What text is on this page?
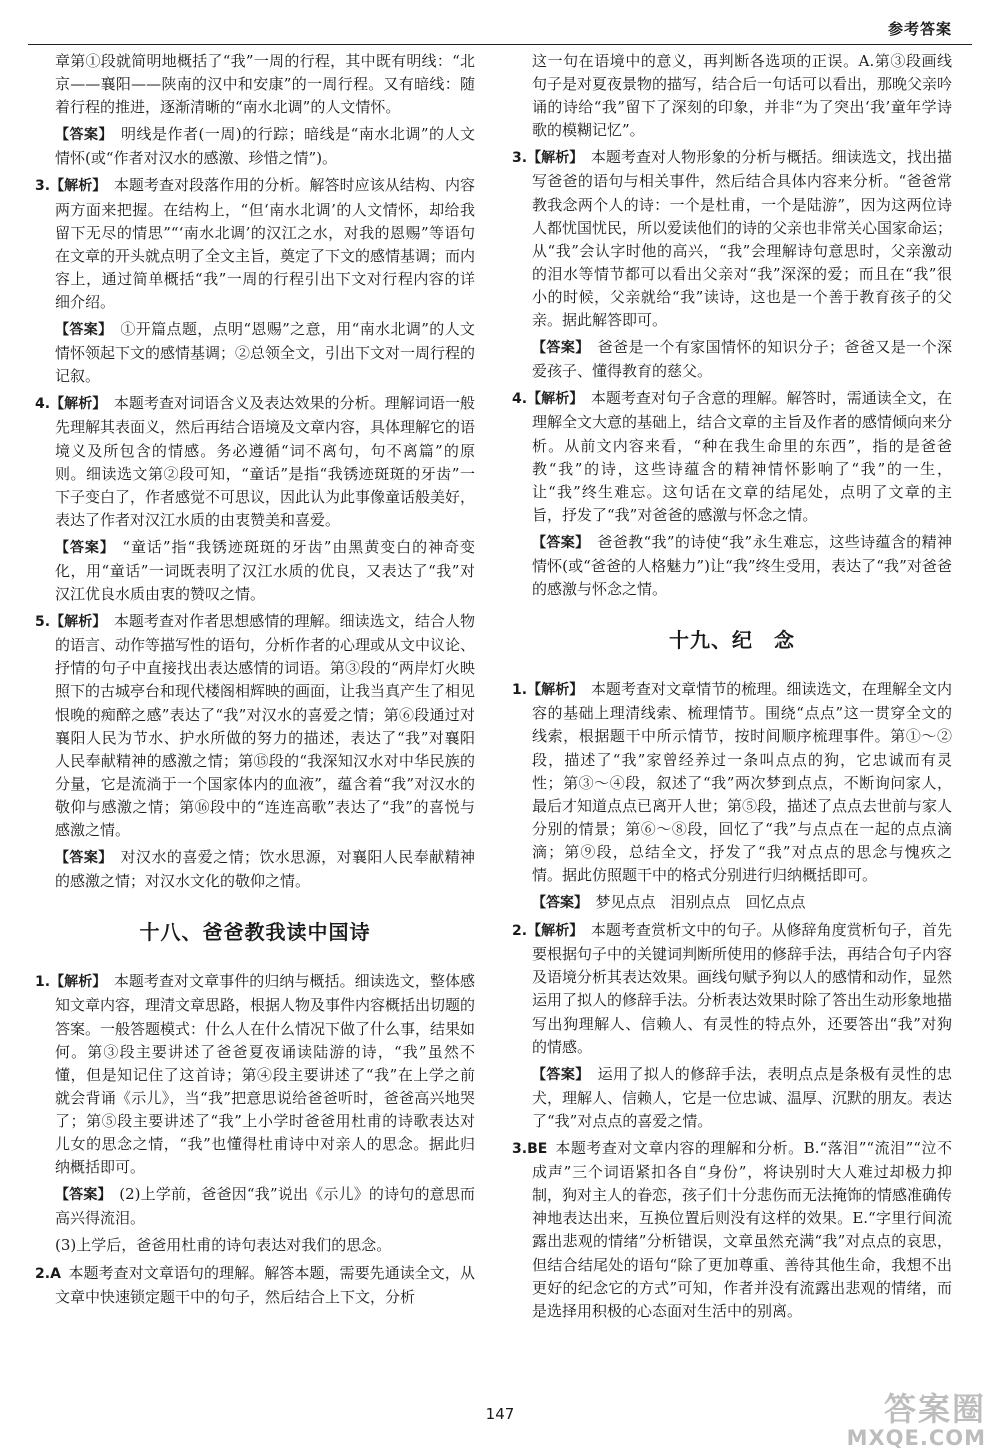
参考答案

章第①段就简明地概括了“我”一周的行程，其中既有明线：“北京——襄阳——陕南的汉中和安康”的一周行程。又有暗线：随着行程的推进，逐渐清晰的“南水北调”的人文情怀。

【答案】  明线是作者(一周)的行踪；暗线是“南水北调”的人文情怀(或“作者对汉水的感激、珍惜之情”)。

3.【解析】  本题考查对段落作用的分析。解答时应该从结构、内容两方面来把握。在结构上，“但‘南水北调’的人文情怀，却给我留下无尽的情思”“‘南水北调’的汉江之水，对我的恩赐”等语句在文章的开头就点明了全文主旨，奠定了下文的感情基调；而内容上，通过简单概括“我”一周的行程引出下文对行程内容的详细介绍。

【答案】  ①开篇点题，点明“恩赐”之意，用“南水北调”的人文情怀领起下文的感情基调；②总领全文，引出下文对一周行程的记叙。

4.【解析】  本题考查对词语含义及表达效果的分析。理解词语一般先理解其表面义，然后再结合语境及文章内容，具体理解它的语境义及所包含的情感。务必遵循“词不离句，句不离篇”的原则。细读选文第②段可知，“童话”是指“我锈迹斑斑的牙齿”一下子变白了，作者感觉不可思议，因此认为此事像童话般美好，表达了作者对汉江水质的由衷赞美和喜爱。

【答案】  “童话”指“我锈迹斑斑的牙齿”由黑黄变白的神奇变化，用“童话”一词既表明了汉江水质的优良，又表达了“我”对汉江优良水质由衷的赞叹之情。

5.【解析】  本题考查对作者思想感情的理解。细读选文，结合人物的语言、动作等描写性的语句，分析作者的心理或从文中议论、抒情的句子中直接找出表达感情的词语。第③段的“两岸灯火映照下的古城亭台和现代楼阁相辉映的画面，让我当真产生了相见恨晚的痴醉之感”表达了“我”对汉水的喜爱之情；第⑥段通过对襄阳人民为节水、护水所做的努力的描述，表达了“我”对襄阳人民奉献精神的感激之情；第⑮段的“我深知汉水对中华民族的分量，它是流淌于一个国家体内的血液”，蕴含着“我”对汉水的敬仰与感激之情；第⑯段中的“连连高歌”表达了“我”的喜悦与感激之情。

【答案】  对汉水的喜爱之情；饮水思源，对襄阳人民奉献精神的感激之情；对汉水文化的敬仰之情。

十八、爸爸教我读中国诗

1.【解析】  本题考查对文章事件的归纳与概括。细读选文，整体感知文章内容，理清文章思路，根据人物及事件内容概括出切题的答案。一般答题模式：什么人在什么情况下做了什么事，结果如何。第③段主要讲述了爸爸夏夜诵读陆游的诗，“我”虽然不懂，但是知记住了这首诗；第④段主要讲述了“我”在上学之前就会背诵《示儿》，当“我”把意思说给爸爸听时，爸爸高兴地哭了；第⑤段主要讲述了“我”上小学时爸爸用杜甫的诗歌表达对儿女的思念之情，“我”也懂得杜甫诗中对亲人的思念。据此归纳概括即可。

【答案】  (2)上学前，爸爸因“我”说出《示儿》的诗句的意思而高兴得流泪。

(3)上学后，爸爸用杜甫的诗句表达对我们的思念。

2.A  本题考查对文章语句的理解。解答本题，需要先通读全文，从文章中快速锁定题干中的句子，然后结合上下文，分析

这一句在语境中的意义，再判断各选项的正误。A.第③段画线句子是对夏夜景物的描写，结合后一句话可以看出，那晚父亲吟诵的诗给“我”留下了深刻的印象，并非“为了突出‘我’童年学诗歌的模糊记忆”。

3.【解析】  本题考查对人物形象的分析与概括。细读选文，找出描写爸爸的语句与相关事件，然后结合具体内容来分析。“爸爸常教我念两个人的诗：一个是杜甫，一个是陆游”，因为这两位诗人都忧国忧民，所以爱读他们的诗的父亲也非常关心国家命运；从“我”会认字时他的高兴，“我”会理解诗句意思时，父亲激动的泪水等情节都可以看出父亲对“我”深深的爱；而且在“我”很小的时候，父亲就给“我”读诗，这也是一个善于教育孩子的父亲。据此解答即可。

【答案】  爸爸是一个有家国情怀的知识分子；爸爸又是一个深爱孩子、懂得教育的慈父。

4.【解析】  本题考查对句子含意的理解。解答时，需通读全文，在理解全文大意的基础上，结合文章的主旨及作者的感情倾向来分析。从前文内容来看，“种在我生命里的东西”，指的是爸爸教“我”的诗，这些诗蕴含的精神情怀影响了“我”的一生，让“我”终生难忘。这句话在文章的结尾处，点明了文章的主旨，抒发了“我”对爸爸的感激与怀念之情。

【答案】  爸爸教“我”的诗使“我”永生难忘，这些诗蕴含的精神情怀(或“爸爸的人格魅力”)让“我”终生受用，表达了“我”对爸爸的感激与怀念之情。

十九、纪　念

1.【解析】  本题考查对文章情节的梳理。细读选文，在理解全文内容的基础上理清线索、梳理情节。围绕“点点”这一贯穿全文的线索，根据题干中所示情节，按时间顺序梳理事件。第①～②段，描述了“我”家曾经养过一条叫点点的狗，它忠诚而有灵性；第③～④段，叙述了“我”两次梦到点点，不断询问家人，最后才知道点点已离开人世；第⑤段，描述了点点去世前与家人分别的情景；第⑥～⑧段，回忆了“我”与点点在一起的点点滴滴；第⑨段，总结全文，抒发了“我”对点点的思念与愧疚之情。据此仿照题干中的格式分别进行归纳概括即可。

【答案】  梦见点点　泪别点点　回忆点点

2.【解析】  本题考查赏析文中的句子。从修辞角度赏析句子，首先要根据句子中的关键词判断所使用的修辞手法，再结合句子内容及语境分析其表达效果。画线句赋予狗以人的感情和动作，显然运用了拟人的修辞手法。分析表达效果时除了答出生动形象地描写出狗理解人、信赖人、有灵性的特点外，还要答出“我”对狗的情感。

【答案】  运用了拟人的修辞手法，表明点点是条极有灵性的忠犬，理解人、信赖人，它是一位忠诚、温厚、沉默的朋友。表达了“我”对点点的喜爱之情。

3.BE  本题考查对文章内容的理解和分析。B.“落泪”“流泪”“泣不成声”三个词语紧扣各自“身份”，将诀别时大人难过却极力抑制，狗对主人的眷恋，孩子们十分悲伤而无法掩饰的情感准确传神地表达出来，互换位置后则没有这样的效果。E.“字里行间流露出悲观的情绪”分析错误，文章虽然充满“我”对点点的哀思，但结合结尾处的语句“除了更加尊重、善待其他生命，我想不出更好的纪念它的方式”可知，作者并没有流露出悲观的情绪，而是选择用积极的心态面对生活中的别离。

147	答案圈
MXQE.COM
